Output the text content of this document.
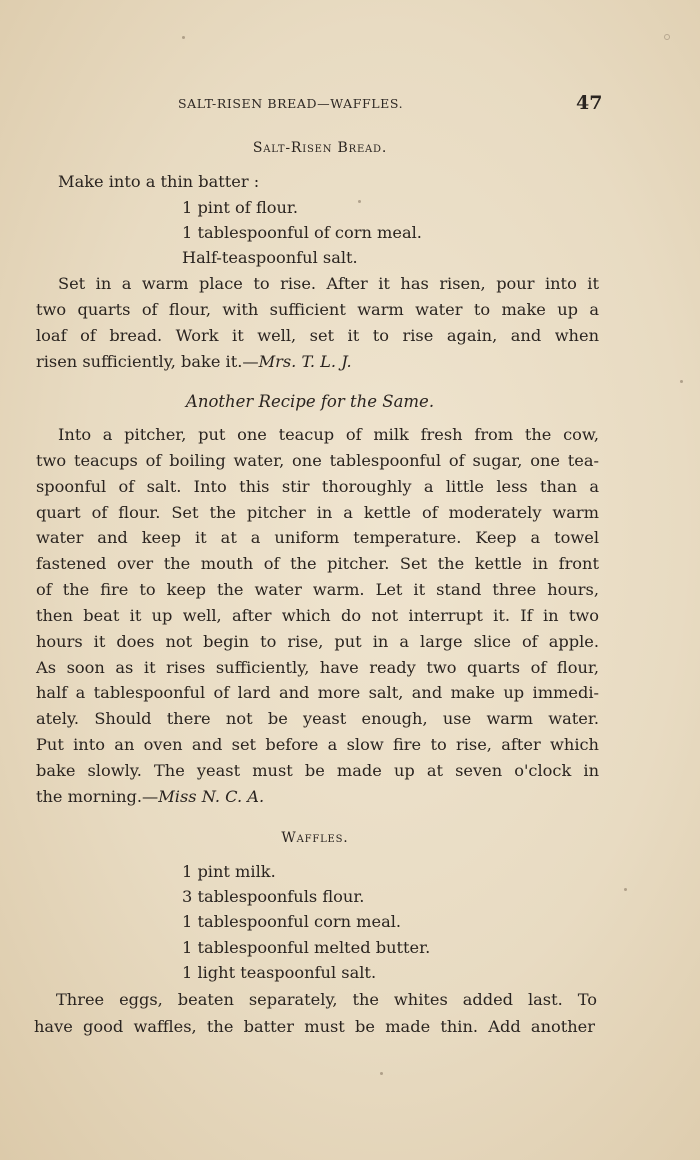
SALT-RISEN BREAD—WAFFLES.	47
Salt-Risen Bread.
Make into a thin batter :
1 pint of flour.
1 tablespoonful of corn meal.
Half-teaspoonful salt.
Set in a warm place to rise. After it has risen, pour into it
two quarts of flour, with sufficient warm water to make up a
loaf of bread. Work it well, set it to rise again, and when
risen sufficiently, bake it.—Mrs. T. L. J.
Another Recipe for the Same.
Into a pitcher, put one teacup of milk fresh from the cow,
two teacups of boiling water, one tablespoonful of sugar, one tea-
spoonful of salt. Into this stir thoroughly a little less than a
quart of flour. Set the pitcher in a kettle of moderately warm
water and keep it at a uniform temperature. Keep a towel
fastened over the mouth of the pitcher. Set the kettle in front
of the fire to keep the water warm. Let it stand three hours,
then beat it up well, after which do not interrupt it. If in two
hours it does not begin to rise, put in a large slice of apple.
As soon as it rises sufficiently, have ready two quarts of flour,
half a tablespoonful of lard and more salt, and make up immedi-
ately. Should there not be yeast enough, use warm water.
Put into an oven and set before a slow fire to rise, after which
bake slowly. The yeast must be made up at seven o'clock in
the morning.—Miss N. C. A.
Waffles.
1 pint milk.
3 tablespoonfuls flour.
1 tablespoonful corn meal.
1 tablespoonful melted butter.
1 light teaspoonful salt.
Three eggs, beaten separately, the whites added last. To
have good waffles, the batter must be made thin. Add another
